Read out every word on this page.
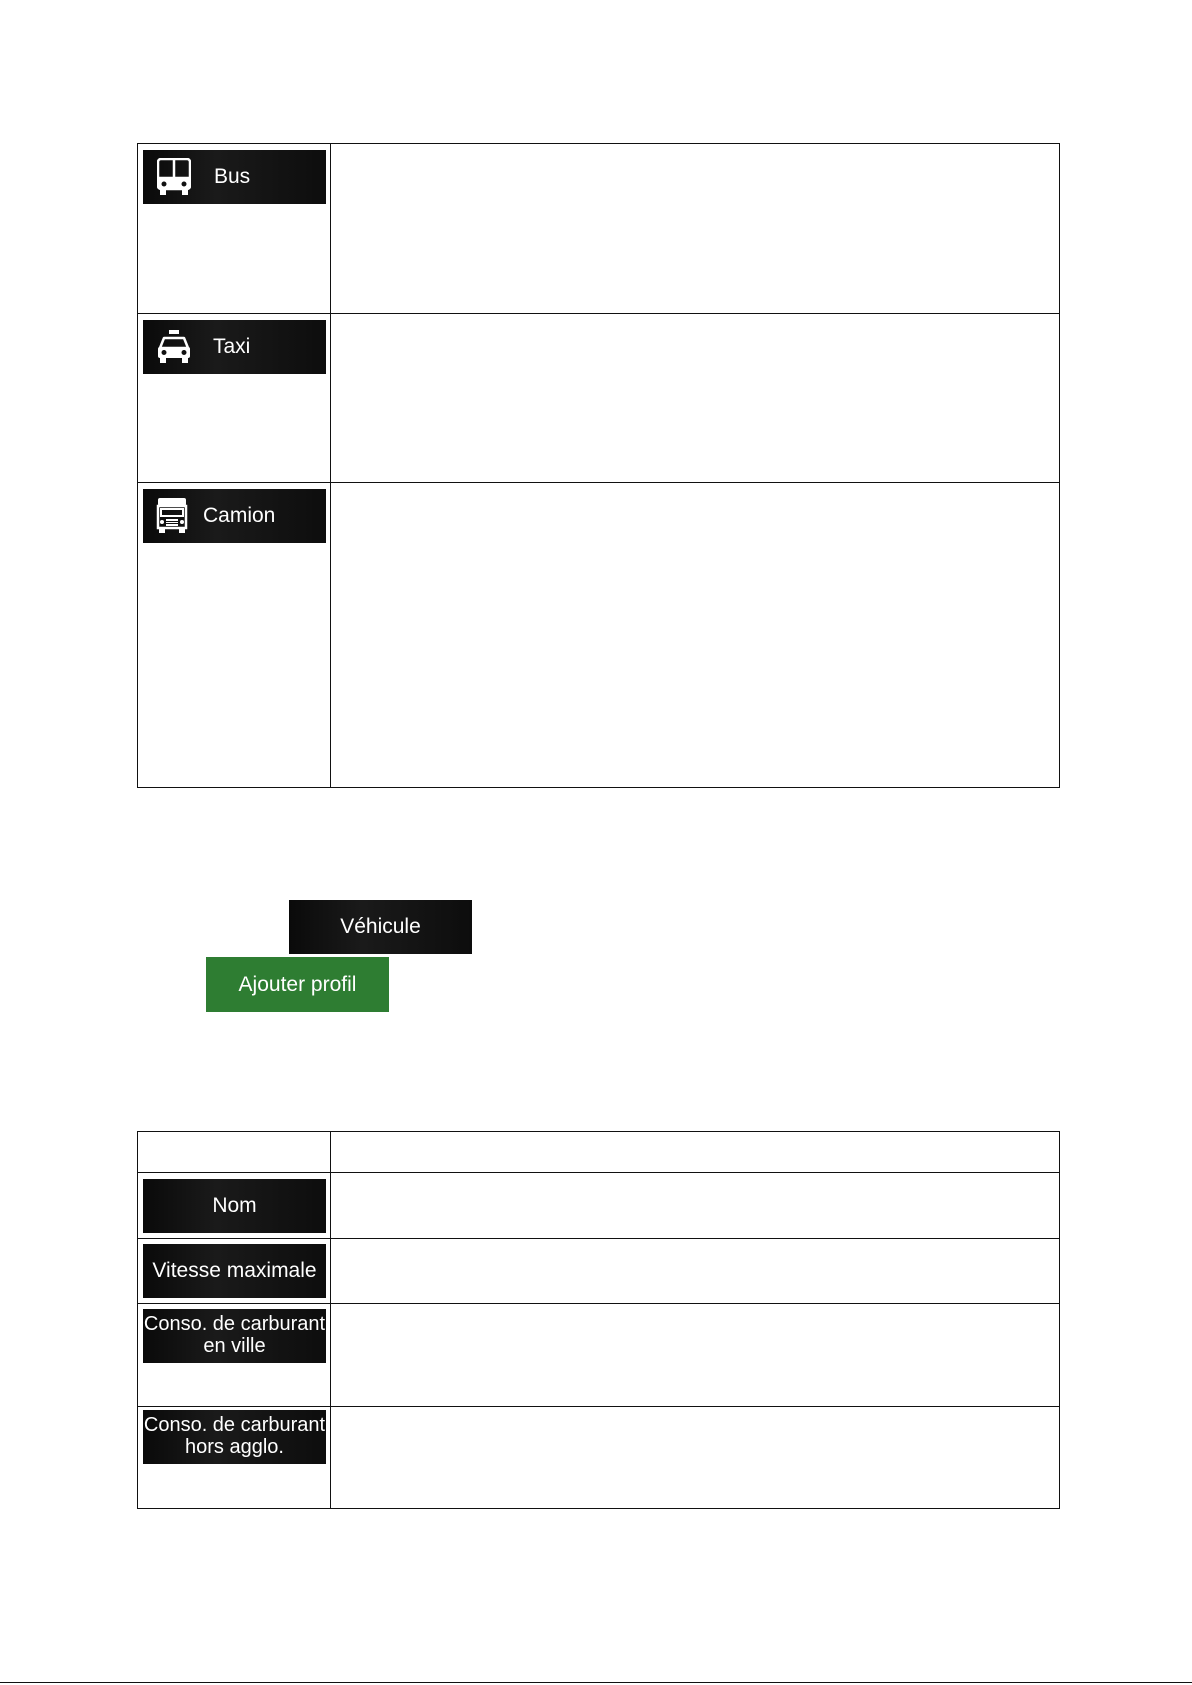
Bus
Taxi
Camion
Véhicule
Ajouter profil
Nom
Vitesse maximale
Conso. de carburant
en ville
Conso. de carburant
hors agglo.
